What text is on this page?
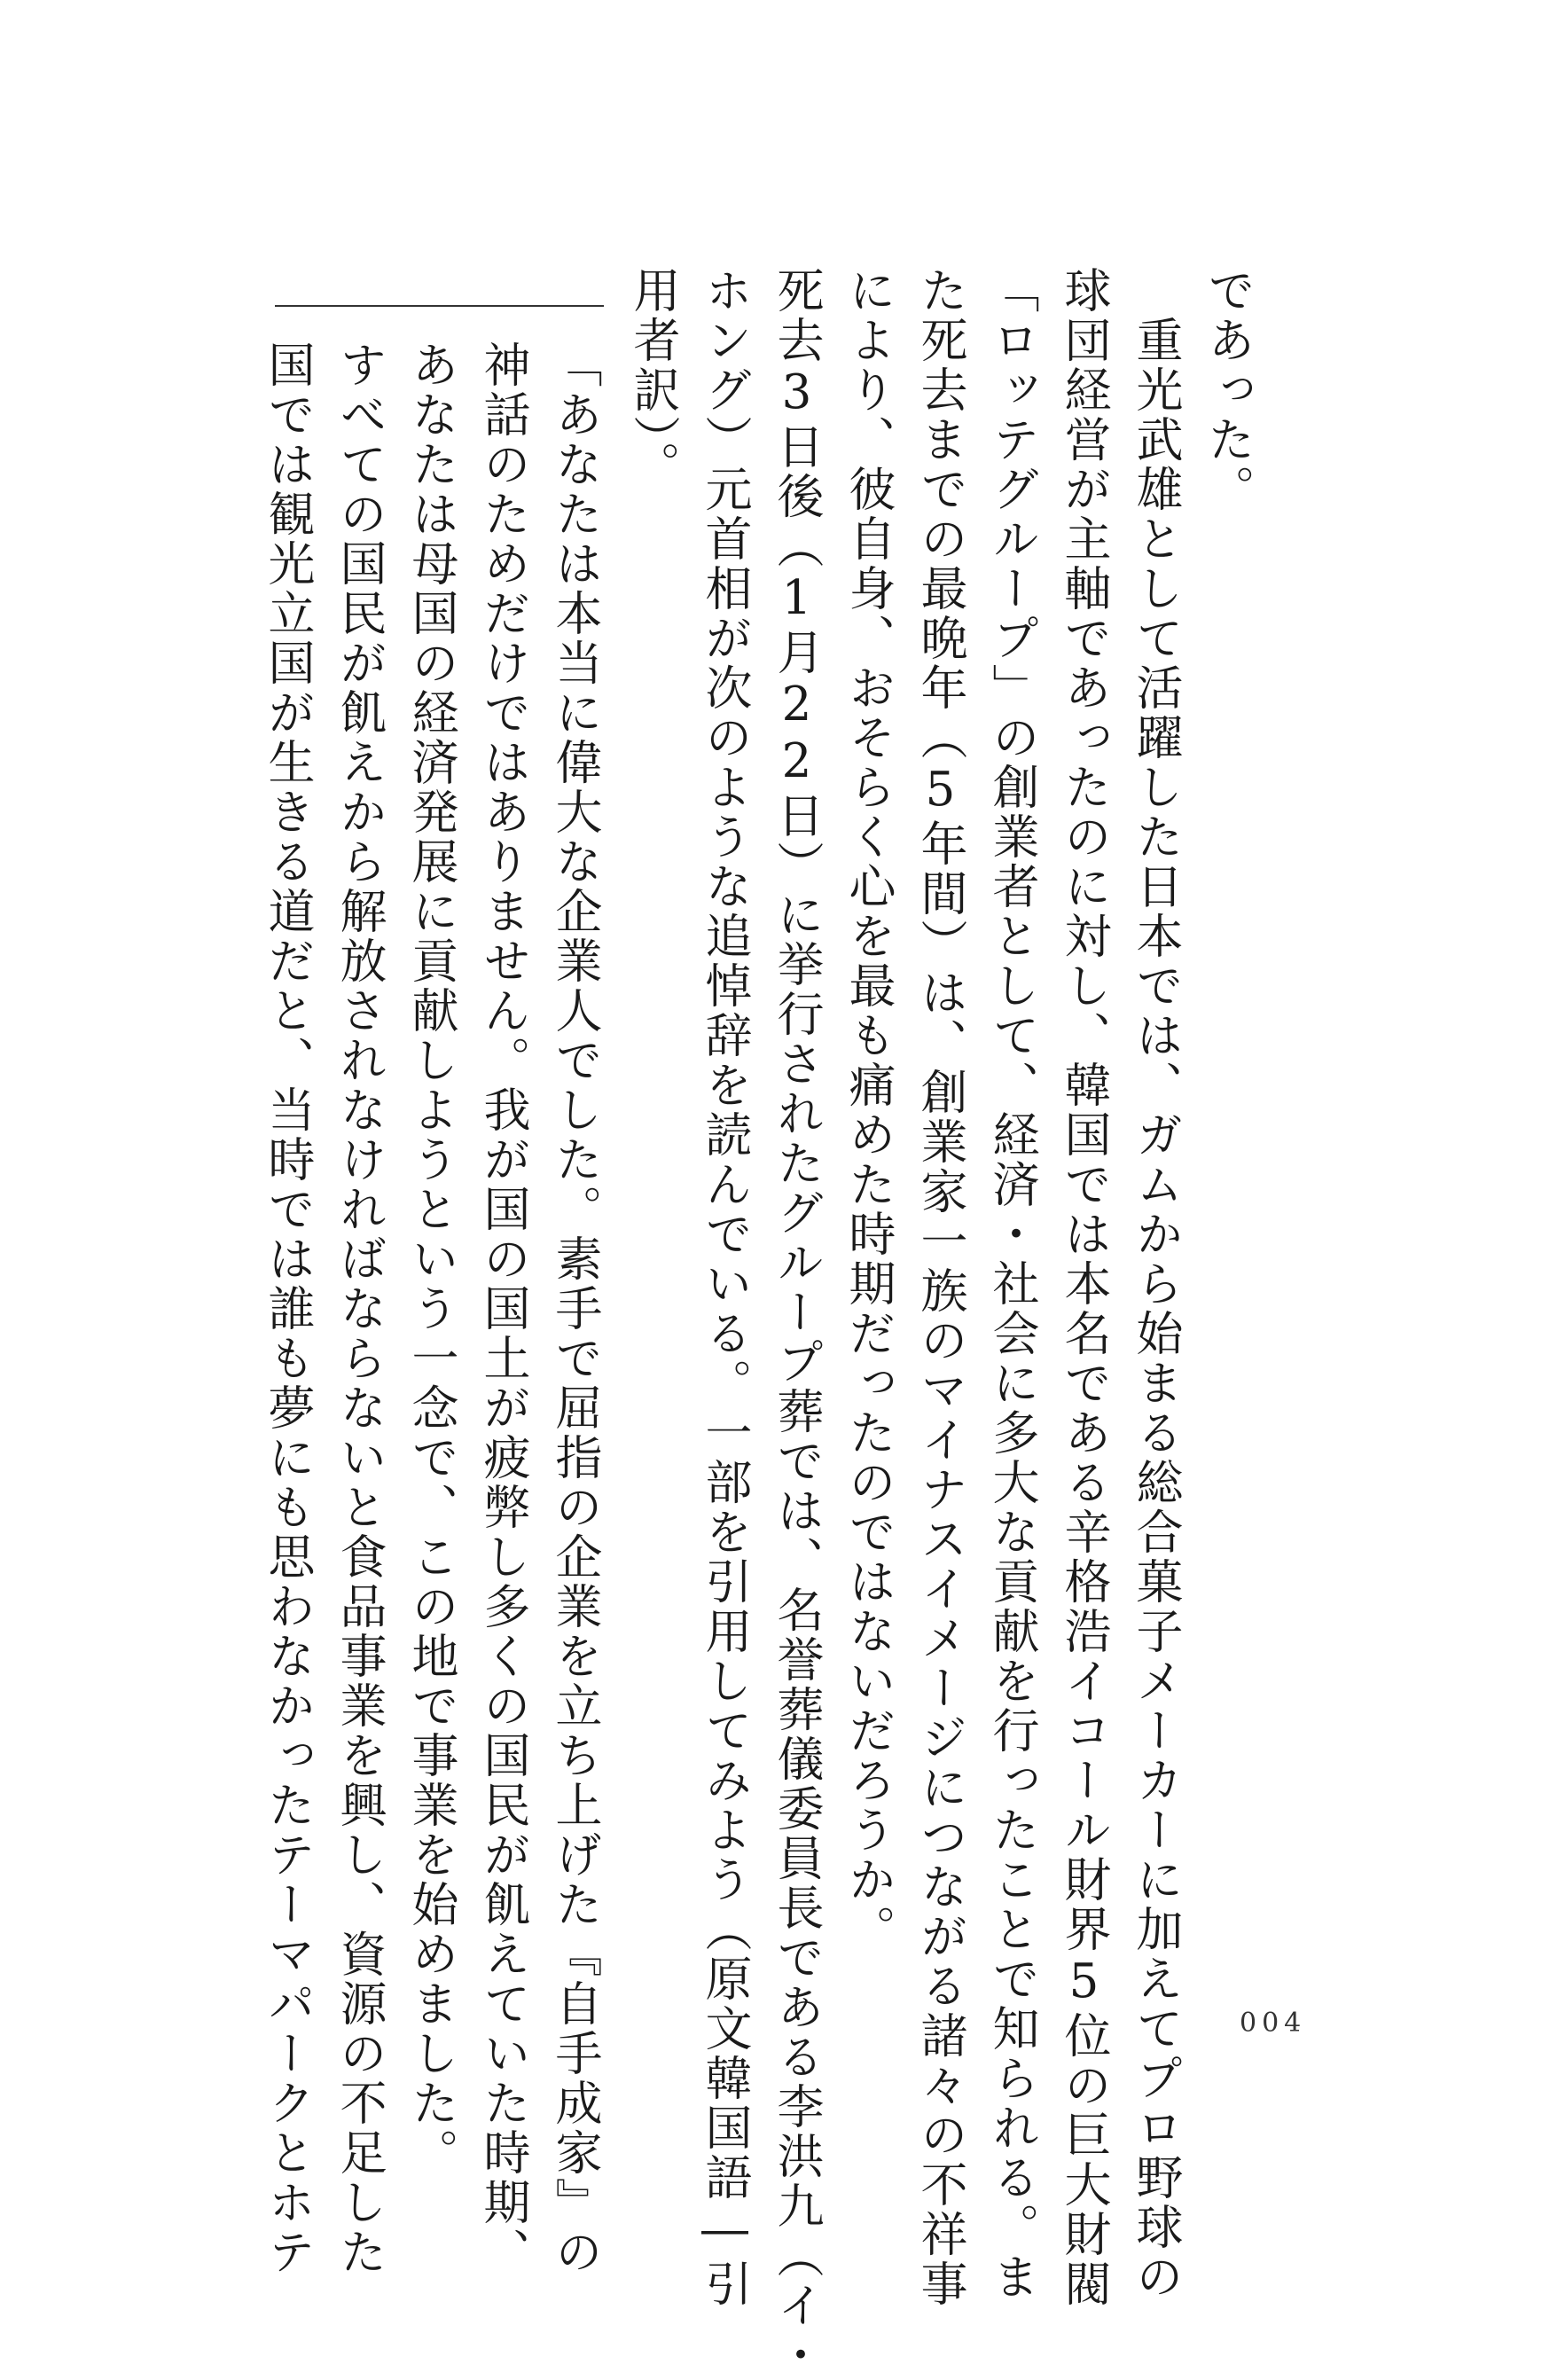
であった。
　重光武雄として活躍した日本では、ガムから始まる総合菓子メーカーに加えてプロ野球の
球団経営が主軸であったのに対し、韓国では本名である辛格浩イコール財界5位の巨大財閥
「ロッテグループ」の創業者として、経済・社会に多大な貢献を行ったことで知られる。ま
た死去までの最晩年（5年間）は、創業家一族のマイナスイメージにつながる諸々の不祥事
により、彼自身、おそらく心を最も痛めた時期だったのではないだろうか。
死去3日後（1月22日）に挙行されたグループ葬では、名誉葬儀委員長である李洪九（イ・
ホング）元首相が次のような追悼辞を読んでいる。一部を引用してみよう（原文韓国語―引
用者訳）。
「あなたは本当に偉大な企業人でした。素手で屈指の企業を立ち上げた『自手成家』の
神話のためだけではありません。我が国の国土が疲弊し多くの国民が飢えていた時期、
あなたは母国の経済発展に貢献しようという一念で、この地で事業を始めました。
すべての国民が飢えから解放されなければならないと食品事業を興し、資源の不足した
国では観光立国が生きる道だと、当時では誰も夢にも思わなかったテーマパークとホテ	004
